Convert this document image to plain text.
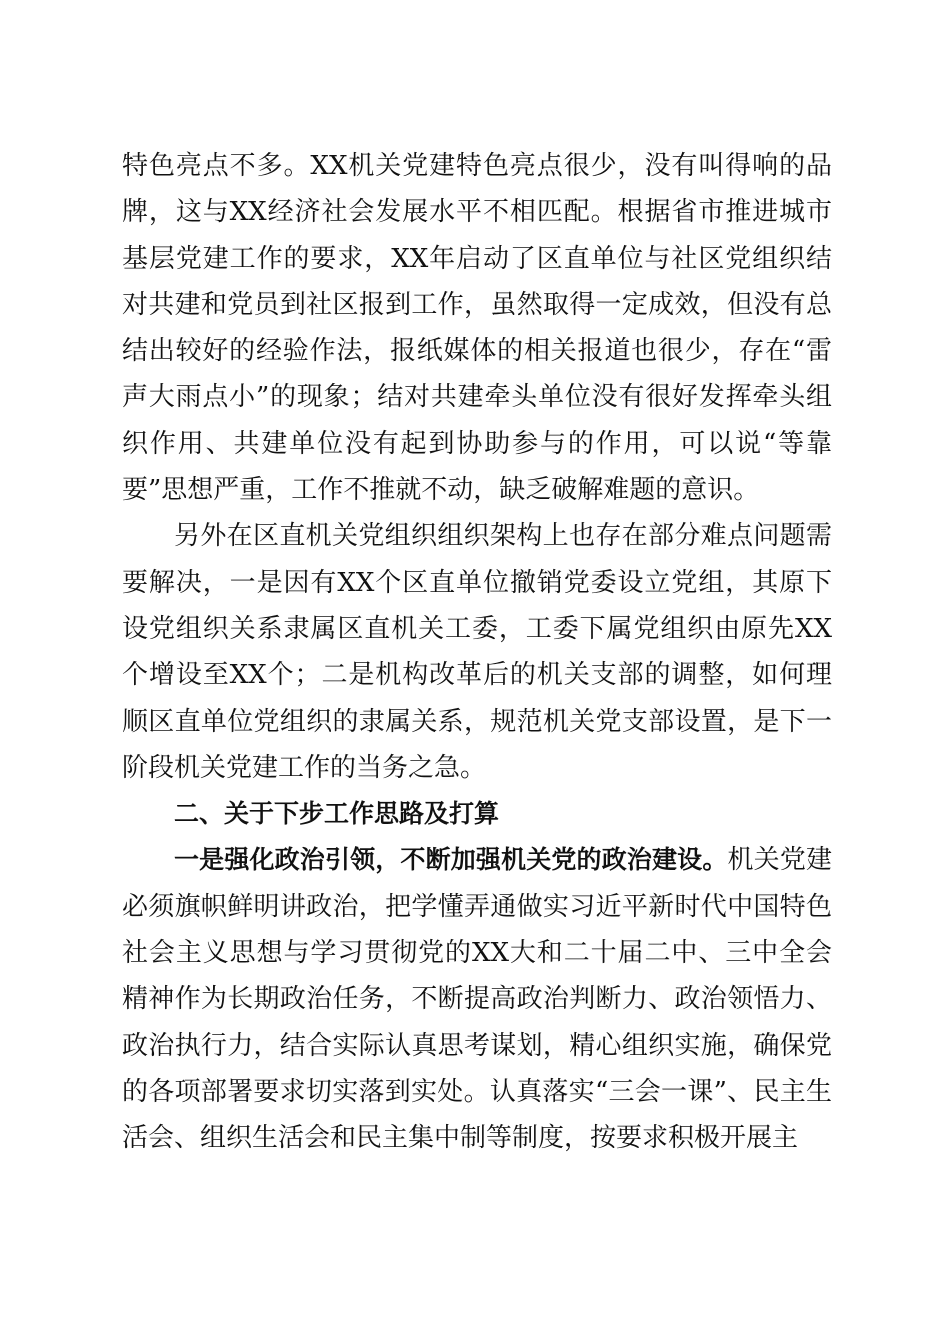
特色亮点不多。XX机关党建特色亮点很少，没有叫得响的品牌，这与XX经济社会发展水平不相匹配。根据省市推进城市基层党建工作的要求，XX年启动了区直单位与社区党组织结对共建和党员到社区报到工作，虽然取得一定成效，但没有总结出较好的经验作法，报纸媒体的相关报道也很少，存在“雷声大雨点小”的现象；结对共建牵头单位没有很好发挥牵头组织作用、共建单位没有起到协助参与的作用，可以说“等靠要”思想严重，工作不推就不动，缺乏破解难题的意识。

另外在区直机关党组织组织架构上也存在部分难点问题需要解决，一是因有XX个区直单位撤销党委设立党组，其原下设党组织关系隶属区直机关工委，工委下属党组织由原先XX个增设至XX个；二是机构改革后的机关支部的调整，如何理顺区直单位党组织的隶属关系，规范机关党支部设置，是下一阶段机关党建工作的当务之急。

二、关于下步工作思路及打算

一是强化政治引领，不断加强机关党的政治建设。机关党建必须旗帜鲜明讲政治，把学懂弄通做实习近平新时代中国特色社会主义思想与学习贯彻党的XX大和二十届二中、三中全会精神作为长期政治任务，不断提高政治判断力、政治领悟力、政治执行力，结合实际认真思考谋划，精心组织实施，确保党的各项部署要求切实落到实处。认真落实“三会一课”、民主生活会、组织生活会和民主集中制等制度，按要求积极开展主
